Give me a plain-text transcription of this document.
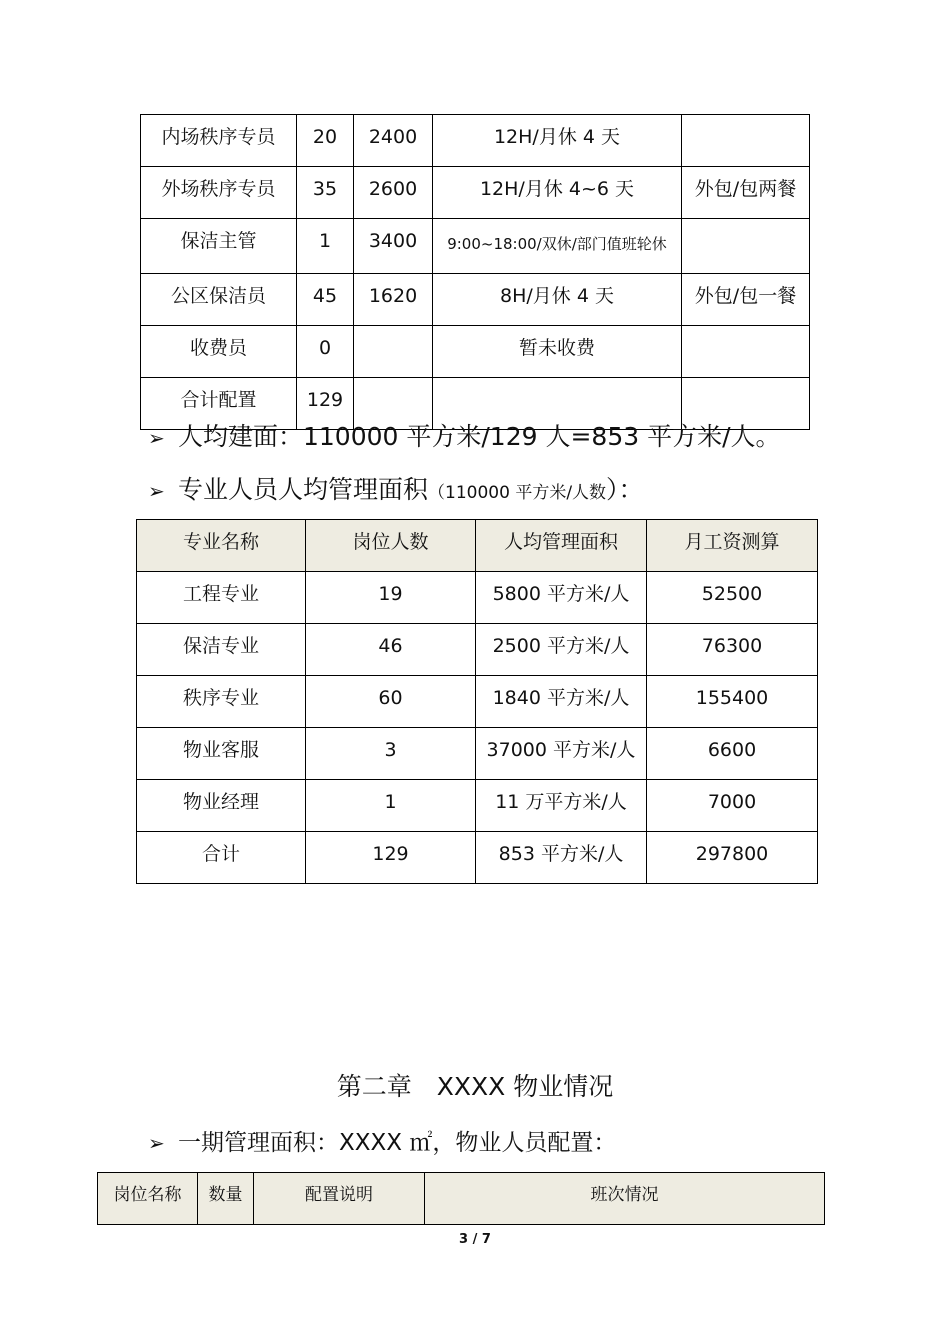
内场秩序专员	20	2400	12H/月休 4 天	
外场秩序专员	35	2600	12H/月休 4~6 天	外包/包两餐
保洁主管	1	3400	9:00~18:00/双休/部门值班轮休	
公区保洁员	45	1620	8H/月休 4 天	外包/包一餐
收费员	0		暂未收费	
合计配置	129			
➢ 人均建面：110000 平方米/129 人=853 平方米/人。
➢ 专业人员人均管理面积（110000 平方米/人数）：
专业名称	岗位人数	人均管理面积	月工资测算
工程专业	19	5800 平方米/人	52500
保洁专业	46	2500 平方米/人	76300
秩序专业	60	1840 平方米/人	155400
物业客服	3	37000 平方米/人	6600
物业经理	1	11 万平方米/人	7000
合计	129	853 平方米/人	297800
第二章　XXXX 物业情况
➢ 一期管理面积：XXXX ㎡，物业人员配置：
岗位名称	数量	配置说明	班次情况
3 / 7
